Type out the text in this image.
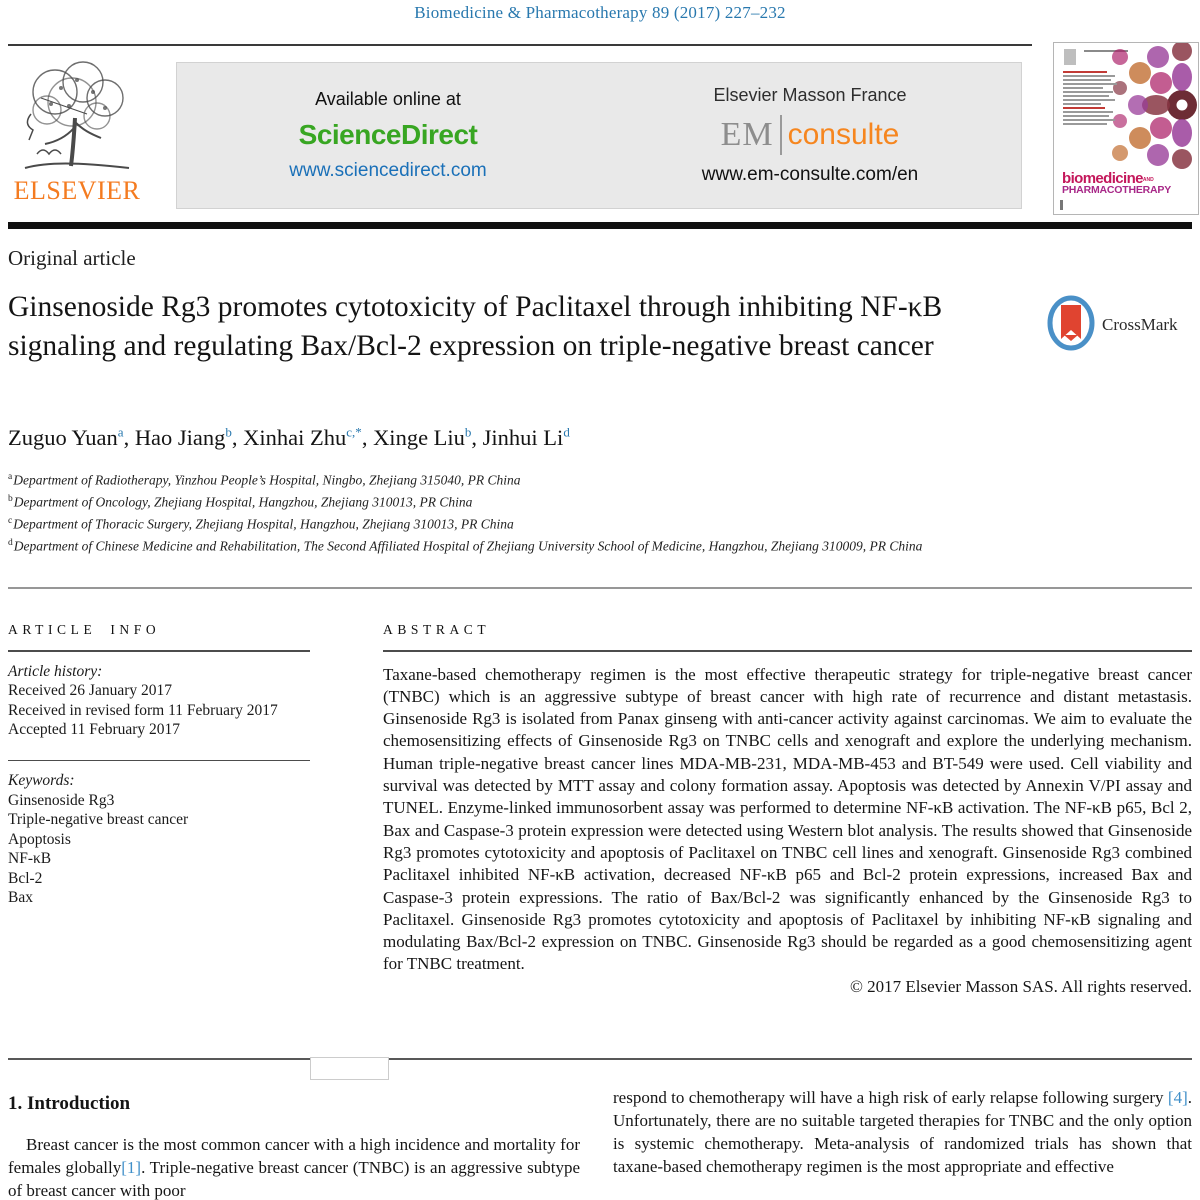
Biomedicine & Pharmacotherapy 89 (2017) 227–232
ELSEVIER
Available online at
ScienceDirect
www.sciencedirect.com
Elsevier Masson France
EM consulte
www.em-consulte.com/en	biomedicineAND
PHARMACOTHERAPY
Original article
Ginsenoside Rg3 promotes cytotoxicity of Paclitaxel through inhibiting NF-κB signaling and regulating Bax/Bcl-2 expression on triple-negative breast cancer
CrossMark
Zuguo Yuan$^a$, Hao Jiang$^b$, Xinhai Zhu$^{c,*}$, Xinge Liu$^b$, Jinhui Li$^d$
$^a$Department of Radiotherapy, Yinzhou People’s Hospital, Ningbo, Zhejiang 315040, PR China
$^b$Department of Oncology, Zhejiang Hospital, Hangzhou, Zhejiang 310013, PR China
$^c$Department of Thoracic Surgery, Zhejiang Hospital, Hangzhou, Zhejiang 310013, PR China
$^d$Department of Chinese Medicine and Rehabilitation, The Second Affiliated Hospital of Zhejiang University School of Medicine, Hangzhou, Zhejiang 310009, PR China
ARTICLE INFO
Article history:
Received 26 January 2017
Received in revised form 11 February 2017
Accepted 11 February 2017
Keywords:
Ginsenoside Rg3
Triple-negative breast cancer
Apoptosis
NF-κB
Bcl-2
Bax
ABSTRACT
Taxane-based chemotherapy regimen is the most effective therapeutic strategy for triple-negative breast cancer (TNBC) which is an aggressive subtype of breast cancer with high rate of recurrence and distant metastasis. Ginsenoside Rg3 is isolated from Panax ginseng with anti-cancer activity against carcinomas. We aim to evaluate the chemosensitizing effects of Ginsenoside Rg3 on TNBC cells and xenograft and explore the underlying mechanism. Human triple-negative breast cancer lines MDA-MB-231, MDA-MB-453 and BT-549 were used. Cell viability and survival was detected by MTT assay and colony formation assay. Apoptosis was detected by Annexin V/PI assay and TUNEL. Enzyme-linked immunosorbent assay was performed to determine NF-κB activation. The NF-κB p65, Bcl 2, Bax and Caspase-3 protein expression were detected using Western blot analysis. The results showed that Ginsenoside Rg3 promotes cytotoxicity and apoptosis of Paclitaxel on TNBC cell lines and xenograft. Ginsenoside Rg3 combined Paclitaxel inhibited NF-κB activation, decreased NF-κB p65 and Bcl-2 protein expressions, increased Bax and Caspase-3 protein expressions. The ratio of Bax/Bcl-2 was significantly enhanced by the Ginsenoside Rg3 to Paclitaxel. Ginsenoside Rg3 promotes cytotoxicity and apoptosis of Paclitaxel by inhibiting NF-κB signaling and modulating Bax/Bcl-2 expression on TNBC. Ginsenoside Rg3 should be regarded as a good chemosensitizing agent for TNBC treatment.
© 2017 Elsevier Masson SAS. All rights reserved.
1. Introduction
Breast cancer is the most common cancer with a high incidence and mortality for females globally[1]. Triple-negative breast cancer (TNBC) is an aggressive subtype of breast cancer with poor
respond to chemotherapy will have a high risk of early relapse following surgery [4]. Unfortunately, there are no suitable targeted therapies for TNBC and the only option is systemic chemotherapy. Meta-analysis of randomized trials has shown that taxane-based chemotherapy regimen is the most appropriate and effective
